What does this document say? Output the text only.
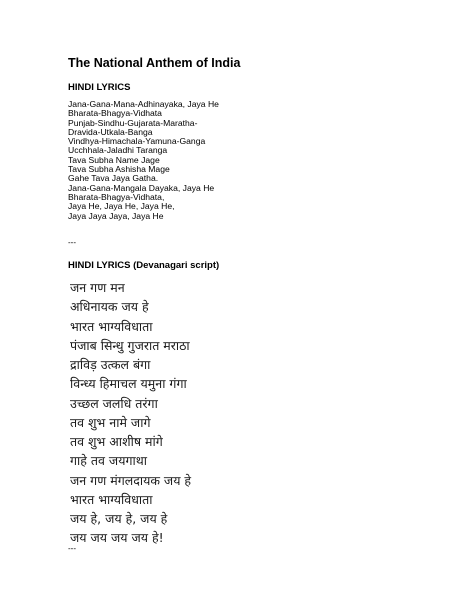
The National Anthem of India
HINDI LYRICS
Jana-Gana-Mana-Adhinayaka, Jaya He
Bharata-Bhagya-Vidhata
Punjab-Sindhu-Gujarata-Maratha-
Dravida-Utkala-Banga
Vindhya-Himachala-Yamuna-Ganga
Ucchhala-Jaladhi Taranga
Tava Subha Name Jage
Tava Subha Ashisha Mage
Gahe Tava Jaya Gatha.
Jana-Gana-Mangala Dayaka, Jaya He
Bharata-Bhagya-Vidhata,
Jaya He, Jaya He, Jaya He,
Jaya Jaya Jaya, Jaya He

---

HINDI LYRICS (Devanagari script)
जन गण मन
अधिनायक जय हे
भारत भाग्यविधाता
पंजाब सिन्धु गुजरात मराठा
द्राविड़ उत्कल बंगा
विन्ध्य हिमाचल यमुना गंगा
उच्छल जलधि तरंगा
तव शुभ नामे जागे
तव शुभ आशीष मांगे
गाहे तव जयगाथा
जन गण मंगलदायक जय हे
भारत भाग्यविधाता
जय हे, जय हे, जय हे
जय जय जय जय हे!

---
